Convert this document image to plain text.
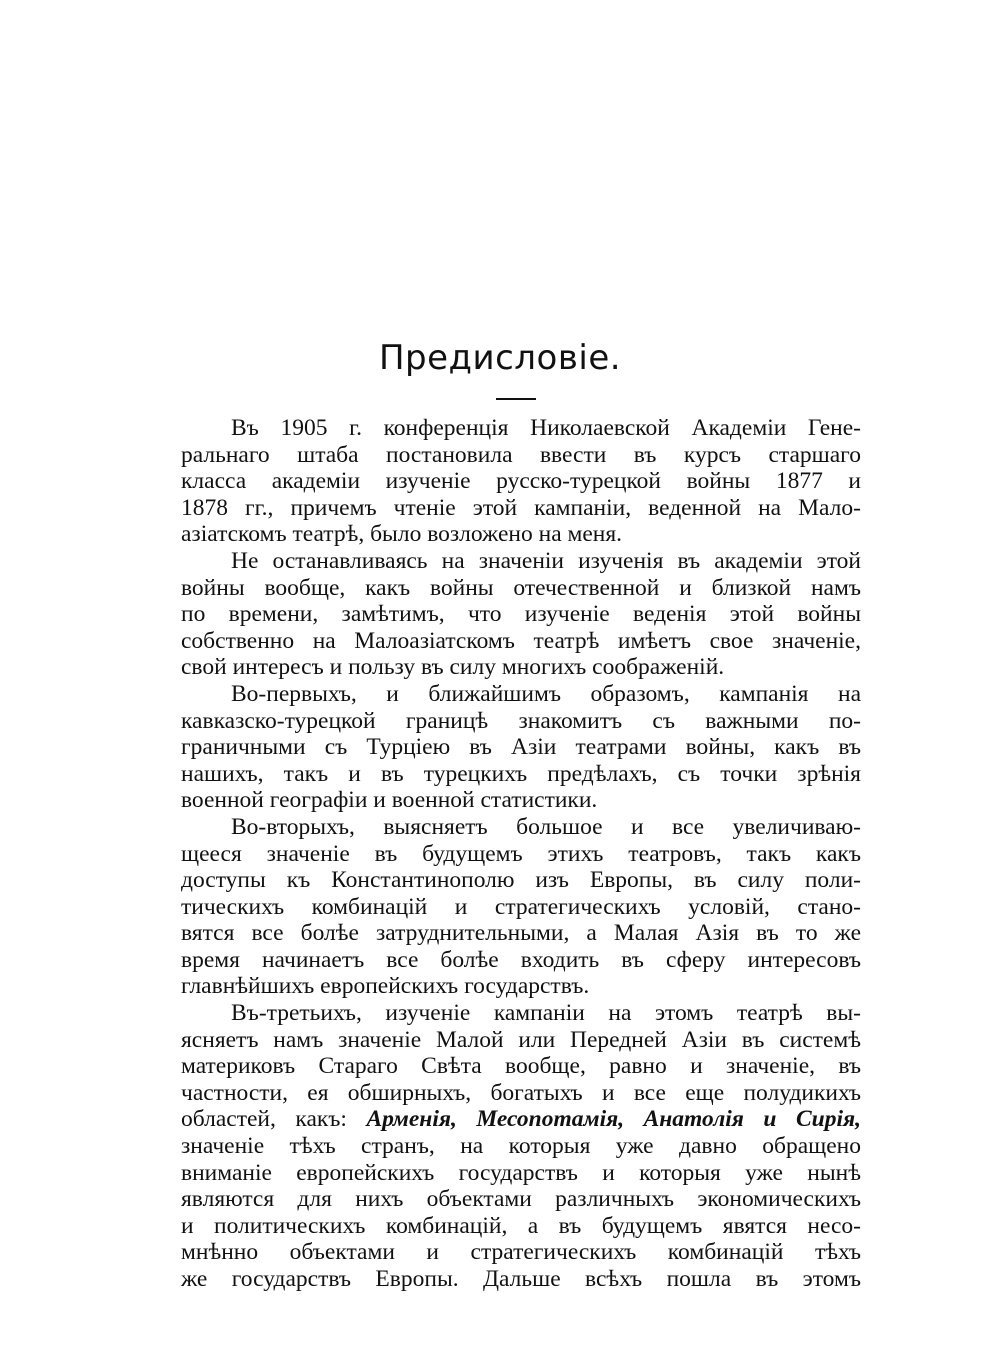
Предисловіе.
Въ 1905 г. конференція Николаевской Академіи Гене-
ральнаго штаба постановила ввести въ курсъ старшаго
класса академіи изученіе русско-турецкой войны 1877 и
1878 гг., причемъ чтеніе этой кампаніи, веденной на Мало-
азіатскомъ театрѣ, было возложено на меня.
Не останавливаясь на значеніи изученія въ академіи этой
войны вообще, какъ войны отечественной и близкой намъ
по времени, замѣтимъ, что изученіе веденія этой войны
собственно на Малоазіатскомъ театрѣ имѣетъ свое значеніе,
свой интересъ и пользу въ силу многихъ соображеній.
Во-первыхъ, и ближайшимъ образомъ, кампанія на
кавказско-турецкой границѣ знакомитъ съ важными по-
граничными съ Турціею въ Азіи театрами войны, какъ въ
нашихъ, такъ и въ турецкихъ предѣлахъ, съ точки зрѣнія
военной географіи и военной статистики.
Во-вторыхъ, выясняетъ большое и все увеличиваю-
щееся значеніе въ будущемъ этихъ театровъ, такъ какъ
доступы къ Константинополю изъ Европы, въ силу поли-
тическихъ комбинацій и стратегическихъ условій, стано-
вятся все болѣе затруднительными, а Малая Азія въ то же
время начинаетъ все болѣе входить въ сферу интересовъ
главнѣйшихъ европейскихъ государствъ.
Въ-третьихъ, изученіе кампаніи на этомъ театрѣ вы-
ясняетъ намъ значеніе Малой или Передней Азіи въ системѣ
материковъ Стараго Свѣта вообще, равно и значеніе, въ
частности, ея обширныхъ, богатыхъ и все еще полудикихъ
областей, какъ: Арменія, Месопотамія, Анатолія и Сирія,
значеніе тѣхъ странъ, на которыя уже давно обращено
вниманіе европейскихъ государствъ и которыя уже нынѣ
являются для нихъ объектами различныхъ экономическихъ
и политическихъ комбинацій, а въ будущемъ явятся несо-
мнѣнно объектами и стратегическихъ комбинацій тѣхъ
же государствъ Европы. Дальше всѣхъ пошла въ этомъ
